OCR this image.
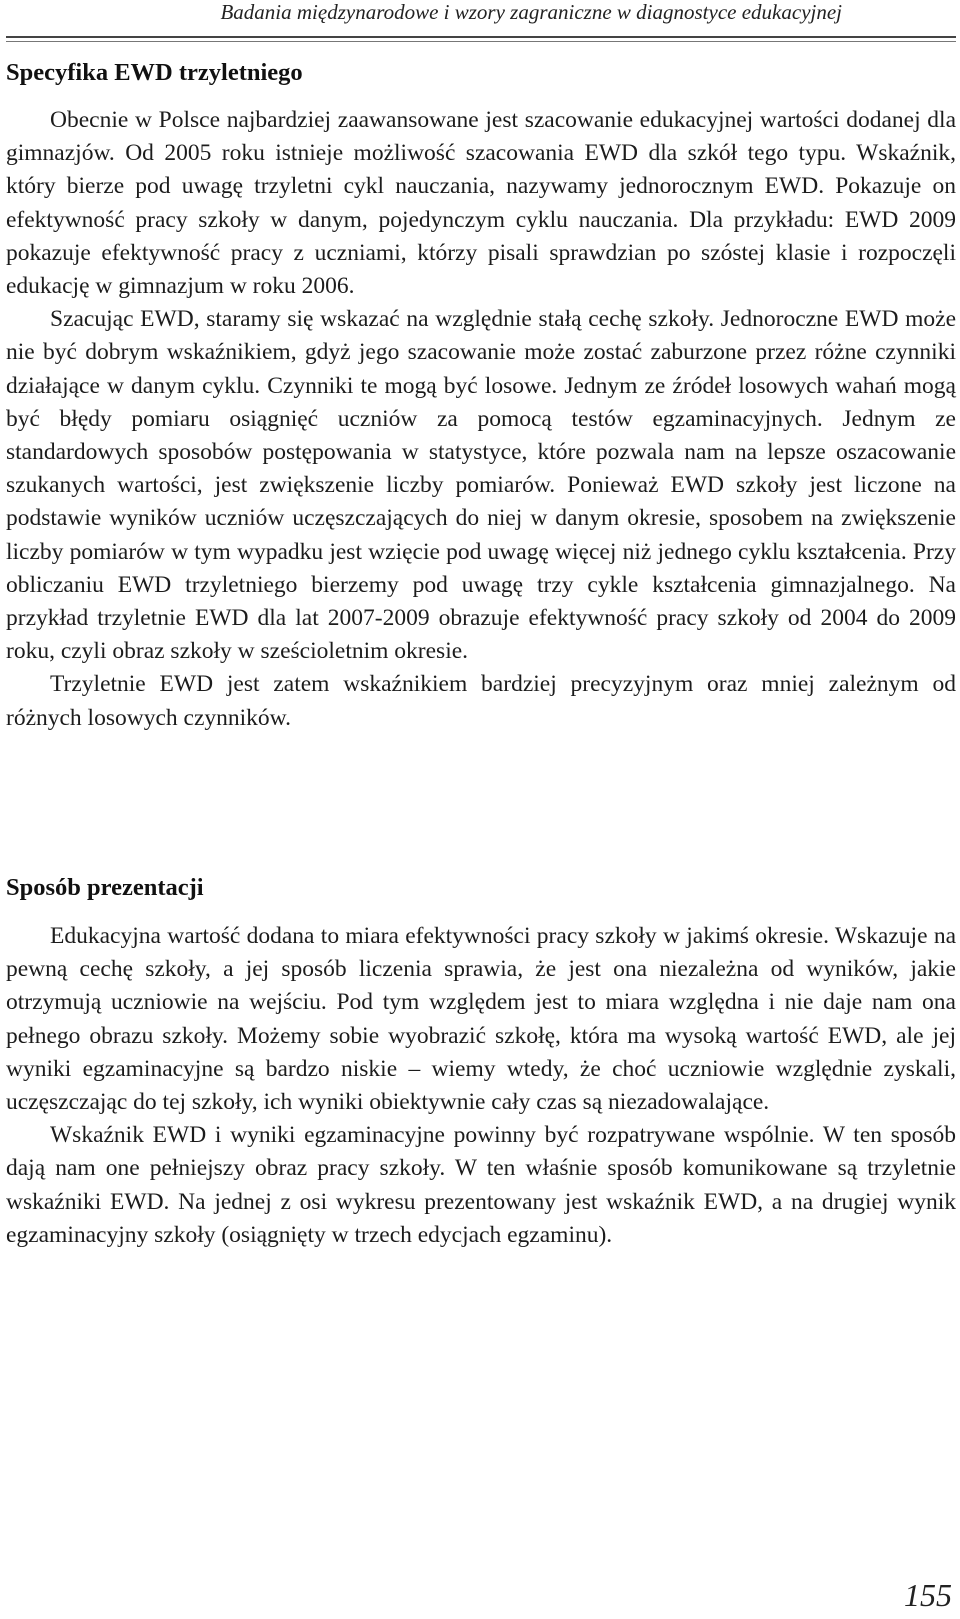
Badania międzynarodowe i wzory zagraniczne w diagnostyce edukacyjnej
Specyfika EWD trzyletniego

Obecnie w Polsce najbardziej zaawansowane jest szacowanie edukacyjnej wartości dodanej dla gimnazjów. Od 2005 roku istnieje możliwość szacowania EWD dla szkół tego typu. Wskaźnik, który bierze pod uwagę trzyletni cykl nauczania, nazywamy jednorocznym EWD. Pokazuje on efektywność pracy szkoły w danym, pojedynczym cyklu nauczania. Dla przykładu: EWD 2009 pokazuje efektywność pracy z uczniami, którzy pisali sprawdzian po szóstej klasie i rozpoczęli edukację w gimnazjum w roku 2006.

Szacując EWD, staramy się wskazać na względnie stałą cechę szkoły. Jednoroczne EWD może nie być dobrym wskaźnikiem, gdyż jego szacowanie może zostać zaburzone przez różne czynniki działające w danym cyklu. Czynniki te mogą być losowe. Jednym ze źródeł losowych wahań mogą być błędy pomiaru osiągnięć uczniów za pomocą testów egzaminacyjnych. Jednym ze standardowych sposobów postępowania w statystyce, które pozwala nam na lepsze oszacowanie szukanych wartości, jest zwiększenie liczby pomiarów. Ponieważ EWD szkoły jest liczone na podstawie wyników uczniów uczęszczających do niej w danym okresie, sposobem na zwiększenie liczby pomiarów w tym wypadku jest wzięcie pod uwagę więcej niż jednego cyklu kształcenia. Przy obliczaniu EWD trzyletniego bierzemy pod uwagę trzy cykle kształcenia gimnazjalnego. Na przykład trzyletnie EWD dla lat 2007-2009 obrazuje efektywność pracy szkoły od 2004 do 2009 roku, czyli obraz szkoły w sześcioletnim okresie.

Trzyletnie EWD jest zatem wskaźnikiem bardziej precyzyjnym oraz mniej zależnym od różnych losowych czynników.

Sposób prezentacji

Edukacyjna wartość dodana to miara efektywności pracy szkoły w jakimś okresie. Wskazuje na pewną cechę szkoły, a jej sposób liczenia sprawia, że jest ona niezależna od wyników, jakie otrzymują uczniowie na wejściu. Pod tym względem jest to miara względna i nie daje nam ona pełnego obrazu szkoły. Możemy sobie wyobrazić szkołę, która ma wysoką wartość EWD, ale jej wyniki egzaminacyjne są bardzo niskie – wiemy wtedy, że choć uczniowie względnie zyskali, uczęszczając do tej szkoły, ich wyniki obiektywnie cały czas są niezadowalające.

Wskaźnik EWD i wyniki egzaminacyjne powinny być rozpatrywane wspólnie. W ten sposób dają nam one pełniejszy obraz pracy szkoły. W ten właśnie sposób komunikowane są trzyletnie wskaźniki EWD. Na jednej z osi wykresu prezentowany jest wskaźnik EWD, a na drugiej wynik egzaminacyjny szkoły (osiągnięty w trzech edycjach egzaminu).

155
